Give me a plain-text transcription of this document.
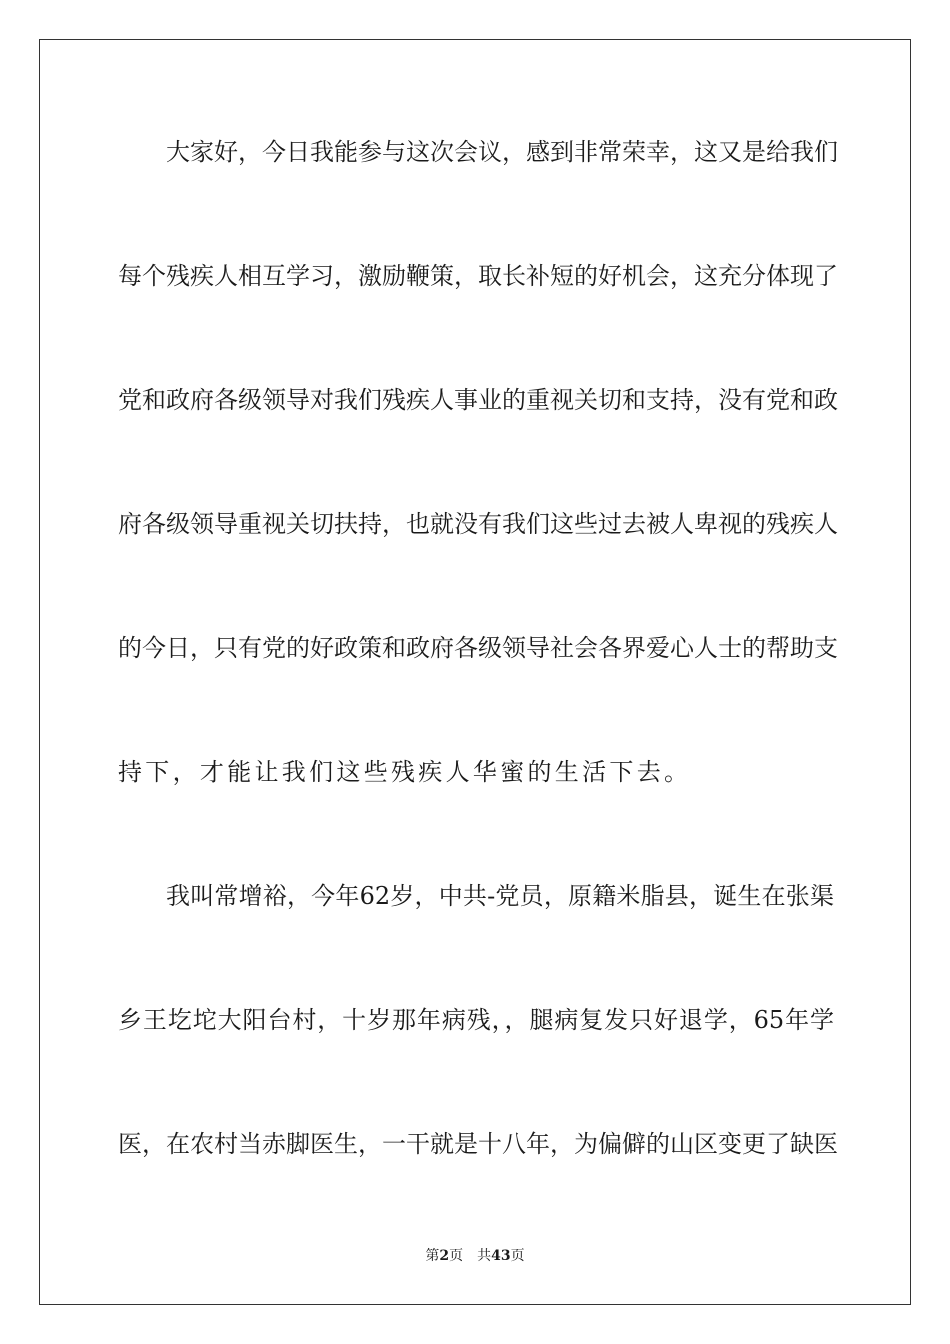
大家好，今日我能参与这次会议，感到非常荣幸，这又是给我们
每个残疾人相互学习，激励鞭策，取长补短的好机会，这充分体现了
党和政府各级领导对我们残疾人事业的重视关切和支持，没有党和政
府各级领导重视关切扶持，也就没有我们这些过去被人卑视的残疾人
的今日，只有党的好政策和政府各级领导社会各界爱心人士的帮助支
持下，才能让我们这些残疾人华蜜的生活下去。
我叫常增裕，今年62岁，中共-党员，原籍米脂县，诞生在张渠
乡王圪坨大阳台村，十岁那年病残，，腿病复发只好退学，65年学
医，在农村当赤脚医生，一干就是十八年，为偏僻的山区变更了缺医
第2页 共43页
